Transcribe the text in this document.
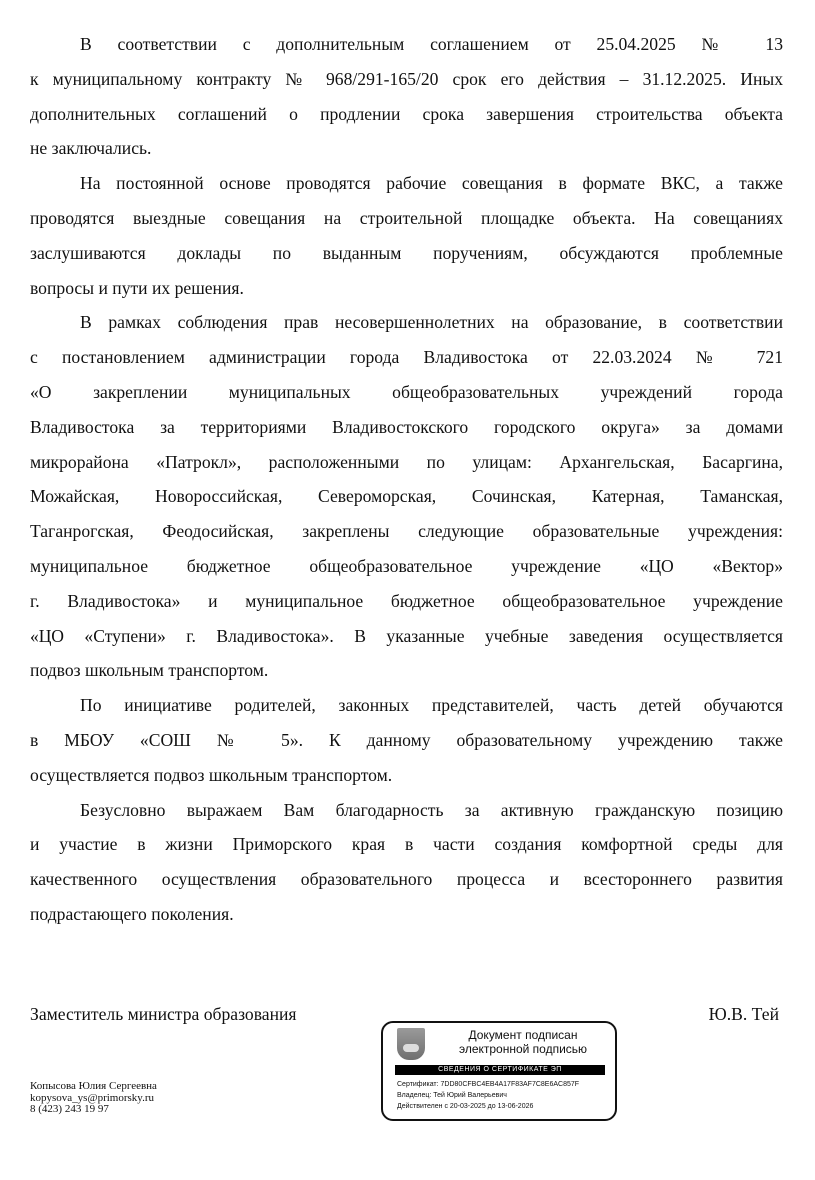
В соответствии с дополнительным соглашением от 25.04.2025 № 13
к муниципальному контракту № 968/291-165/20 срок его действия – 31.12.2025. Иных
дополнительных соглашений о продлении срока завершения строительства объекта
не заключались.
На постоянной основе проводятся рабочие совещания в формате ВКС, а также
проводятся выездные совещания на строительной площадке объекта. На совещаниях
заслушиваются доклады по выданным поручениям, обсуждаются проблемные
вопросы и пути их решения.
В рамках соблюдения прав несовершеннолетних на образование, в соответствии
с постановлением администрации города Владивостока от 22.03.2024 № 721
«О закреплении муниципальных общеобразовательных учреждений города
Владивостока за территориями Владивостокского городского округа» за домами
микрорайона «Патрокл», расположенными по улицам: Архангельская, Басаргина,
Можайская, Новороссийская, Североморская, Сочинская, Катерная, Таманская,
Таганрогская, Феодосийская, закреплены следующие образовательные учреждения:
муниципальное бюджетное общеобразовательное учреждение «ЦО «Вектор»
г. Владивостока» и муниципальное бюджетное общеобразовательное учреждение
«ЦО «Ступени» г. Владивостока». В указанные учебные заведения осуществляется
подвоз школьным транспортом.
По инициативе родителей, законных представителей, часть детей обучаются
в МБОУ «СОШ № 5». К данному образовательному учреждению также
осуществляется подвоз школьным транспортом.
Безусловно выражаем Вам благодарность за активную гражданскую позицию
и участие в жизни Приморского края в части создания комфортной среды для
качественного осуществления образовательного процесса и всестороннего развития
подрастающего поколения.
Заместитель министра образования	Ю.В. Тей
Документ подписан
электронной подписью
СВЕДЕНИЯ О СЕРТИФИКАТЕ ЭП
Сертификат: 7DD80CFBC4EB4A17F83AF7C8E6AC857F
Владелец: Тей Юрий Валерьевич
Действителен с 20-03-2025 до 13-06-2026
Копысова Юлия Сергеевна
kopysova_ys@primorsky.ru
8 (423) 243 19 97
